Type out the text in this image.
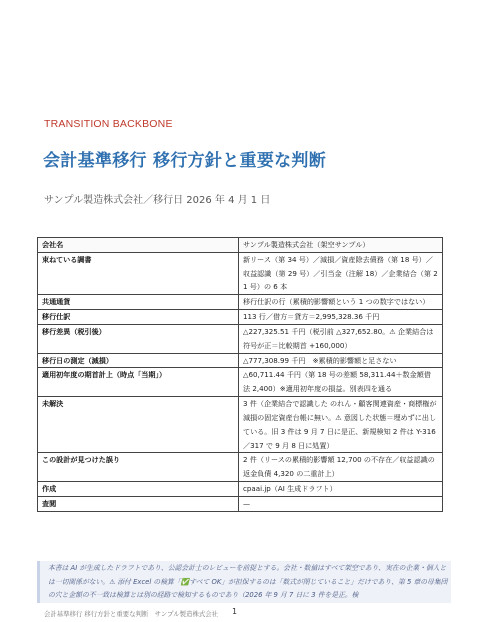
TRANSITION BACKBONE
会計基準移行 移行方針と重要な判断
サンプル製造株式会社／移行日 2026 年 4 月 1 日
会社名	サンプル製造株式会社（架空サンプル）
束ねている調書	新リース（第 34 号）／減損／資産除去債務（第 18 号）／収益認識（第 29 号）／引当金（注解 18）／企業結合（第 21 号）の 6 本
共通通貨	移行仕訳の行（累積的影響額という 1 つの数字ではない）
移行仕訳	113 行／借方＝貸方＝2,995,328.36 千円
移行差異（税引後）	△227,325.51 千円（税引前 △327,652.80。⚠ 企業結合は符号が正＝比較期首 +160,000）
移行日の測定（減損）	△777,308.99 千円　※累積的影響額と足さない
適用初年度の期首計上（時点「当期」）	△60,711.44 千円（第 18 号の差額 58,311.44＋数金額借法 2,400）※適用初年度の損益。別表四を通る
未解決	3 件（企業結合で認識した のれん・顧客関連資産・商標権が減損の固定資産台帳に無い。⚠ 意図した状態＝埋めずに出している。旧 3 件は 9 月 7 日に是正、新規検知 2 件は Y-316／317 で 9 月 8 日に処置）
この設計が見つけた誤り	2 件（リースの累積的影響額 12,700 の不存在／収益認識の返金負債 4,320 の二重計上）
作成	cpaai.jp（AI 生成ドラフト）
査閲	—
本書は AI が生成したドラフトであり、公認会計士のレビューを前提とする。会社・数値はすべて架空であり、実在の企業・個人とは一切関係がない。⚠ 添付 Excel の検算「✅すべて OK」が担保するのは「数式が閉じていること」だけであり、第 5 章の母集団の穴と金額の不一致は検算とは別の経路で検知するものであり（2026 年 9 月 7 日に 3 件を是正。検
会計基準移行 移行方針と重要な判断　サンプル製造株式会社 1
